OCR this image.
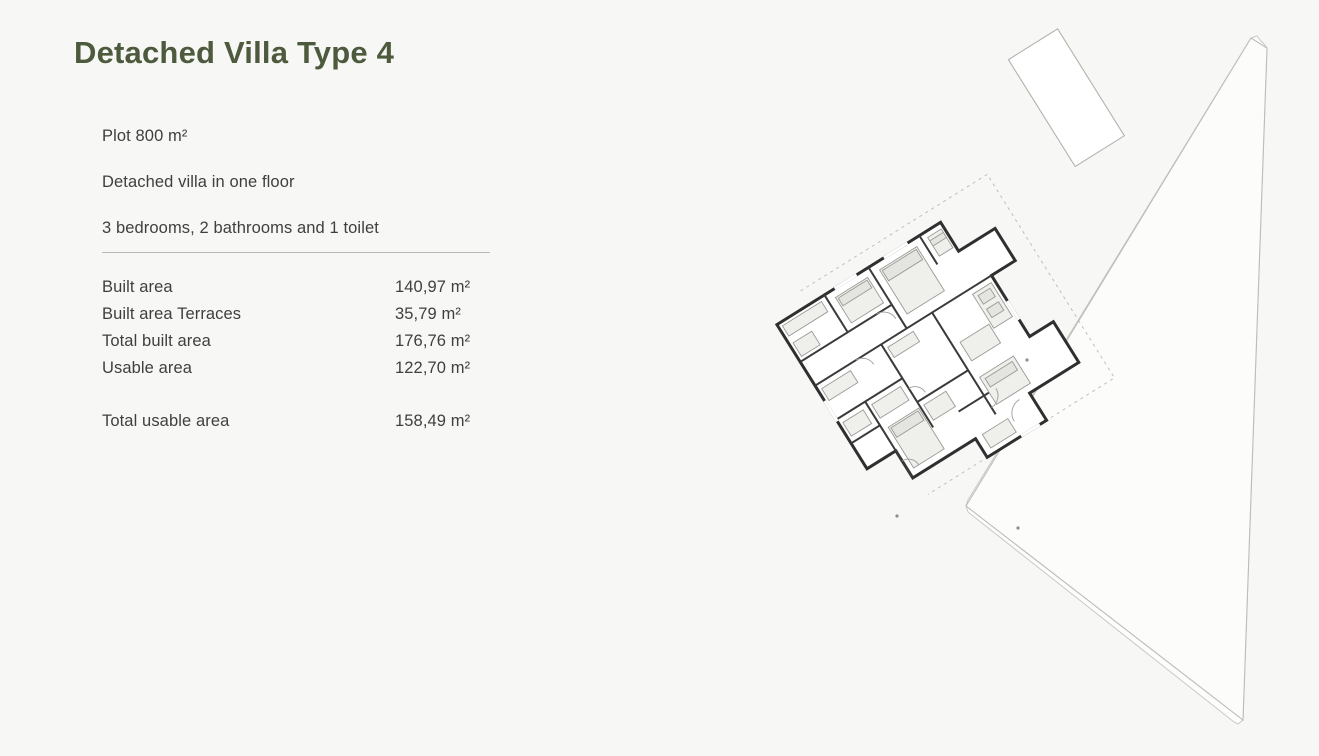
Detached Villa Type 4
Plot 800 m²
Detached villa in one floor
3 bedrooms, 2 bathrooms and 1 toilet
Built area	140,97 m²
Built area Terraces	35,79 m²
Total built area	176,76 m²
Usable area	122,70 m²
Total usable area	158,49 m²
